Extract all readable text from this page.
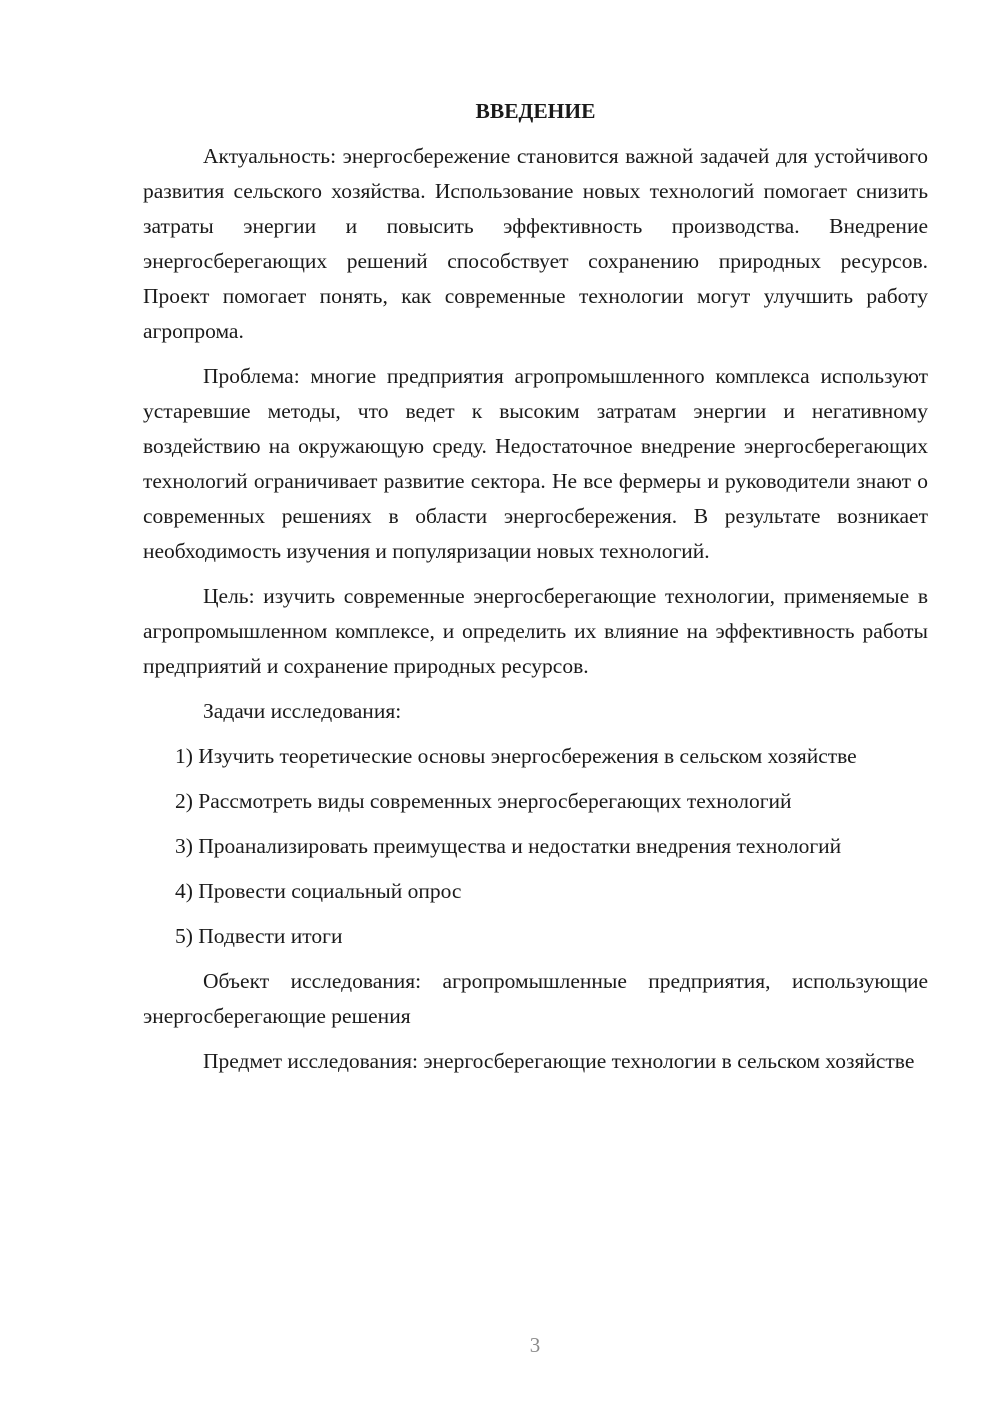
ВВЕДЕНИЕ

Актуальность: энергосбережение становится важной задачей для устойчивого развития сельского хозяйства. Использование новых технологий помогает снизить затраты энергии и повысить эффективность производства. Внедрение энергосберегающих решений способствует сохранению природных ресурсов. Проект помогает понять, как современные технологии могут улучшить работу агропрома.

Проблема: многие предприятия агропромышленного комплекса используют устаревшие методы, что ведет к высоким затратам энергии и негативному воздействию на окружающую среду. Недостаточное внедрение энергосберегающих технологий ограничивает развитие сектора. Не все фермеры и руководители знают о современных решениях в области энергосбережения. В результате возникает необходимость изучения и популяризации новых технологий.

Цель: изучить современные энергосберегающие технологии, применяемые в агропромышленном комплексе, и определить их влияние на эффективность работы предприятий и сохранение природных ресурсов.

Задачи исследования:

1) Изучить теоретические основы энергосбережения в сельском хозяйстве

2) Рассмотреть виды современных энергосберегающих технологий

3) Проанализировать преимущества и недостатки внедрения технологий

4) Провести социальный опрос

5) Подвести итоги

Объект исследования: агропромышленные предприятия, использующие энергосберегающие решения

Предмет исследования: энергосберегающие технологии в сельском хозяйстве

3
